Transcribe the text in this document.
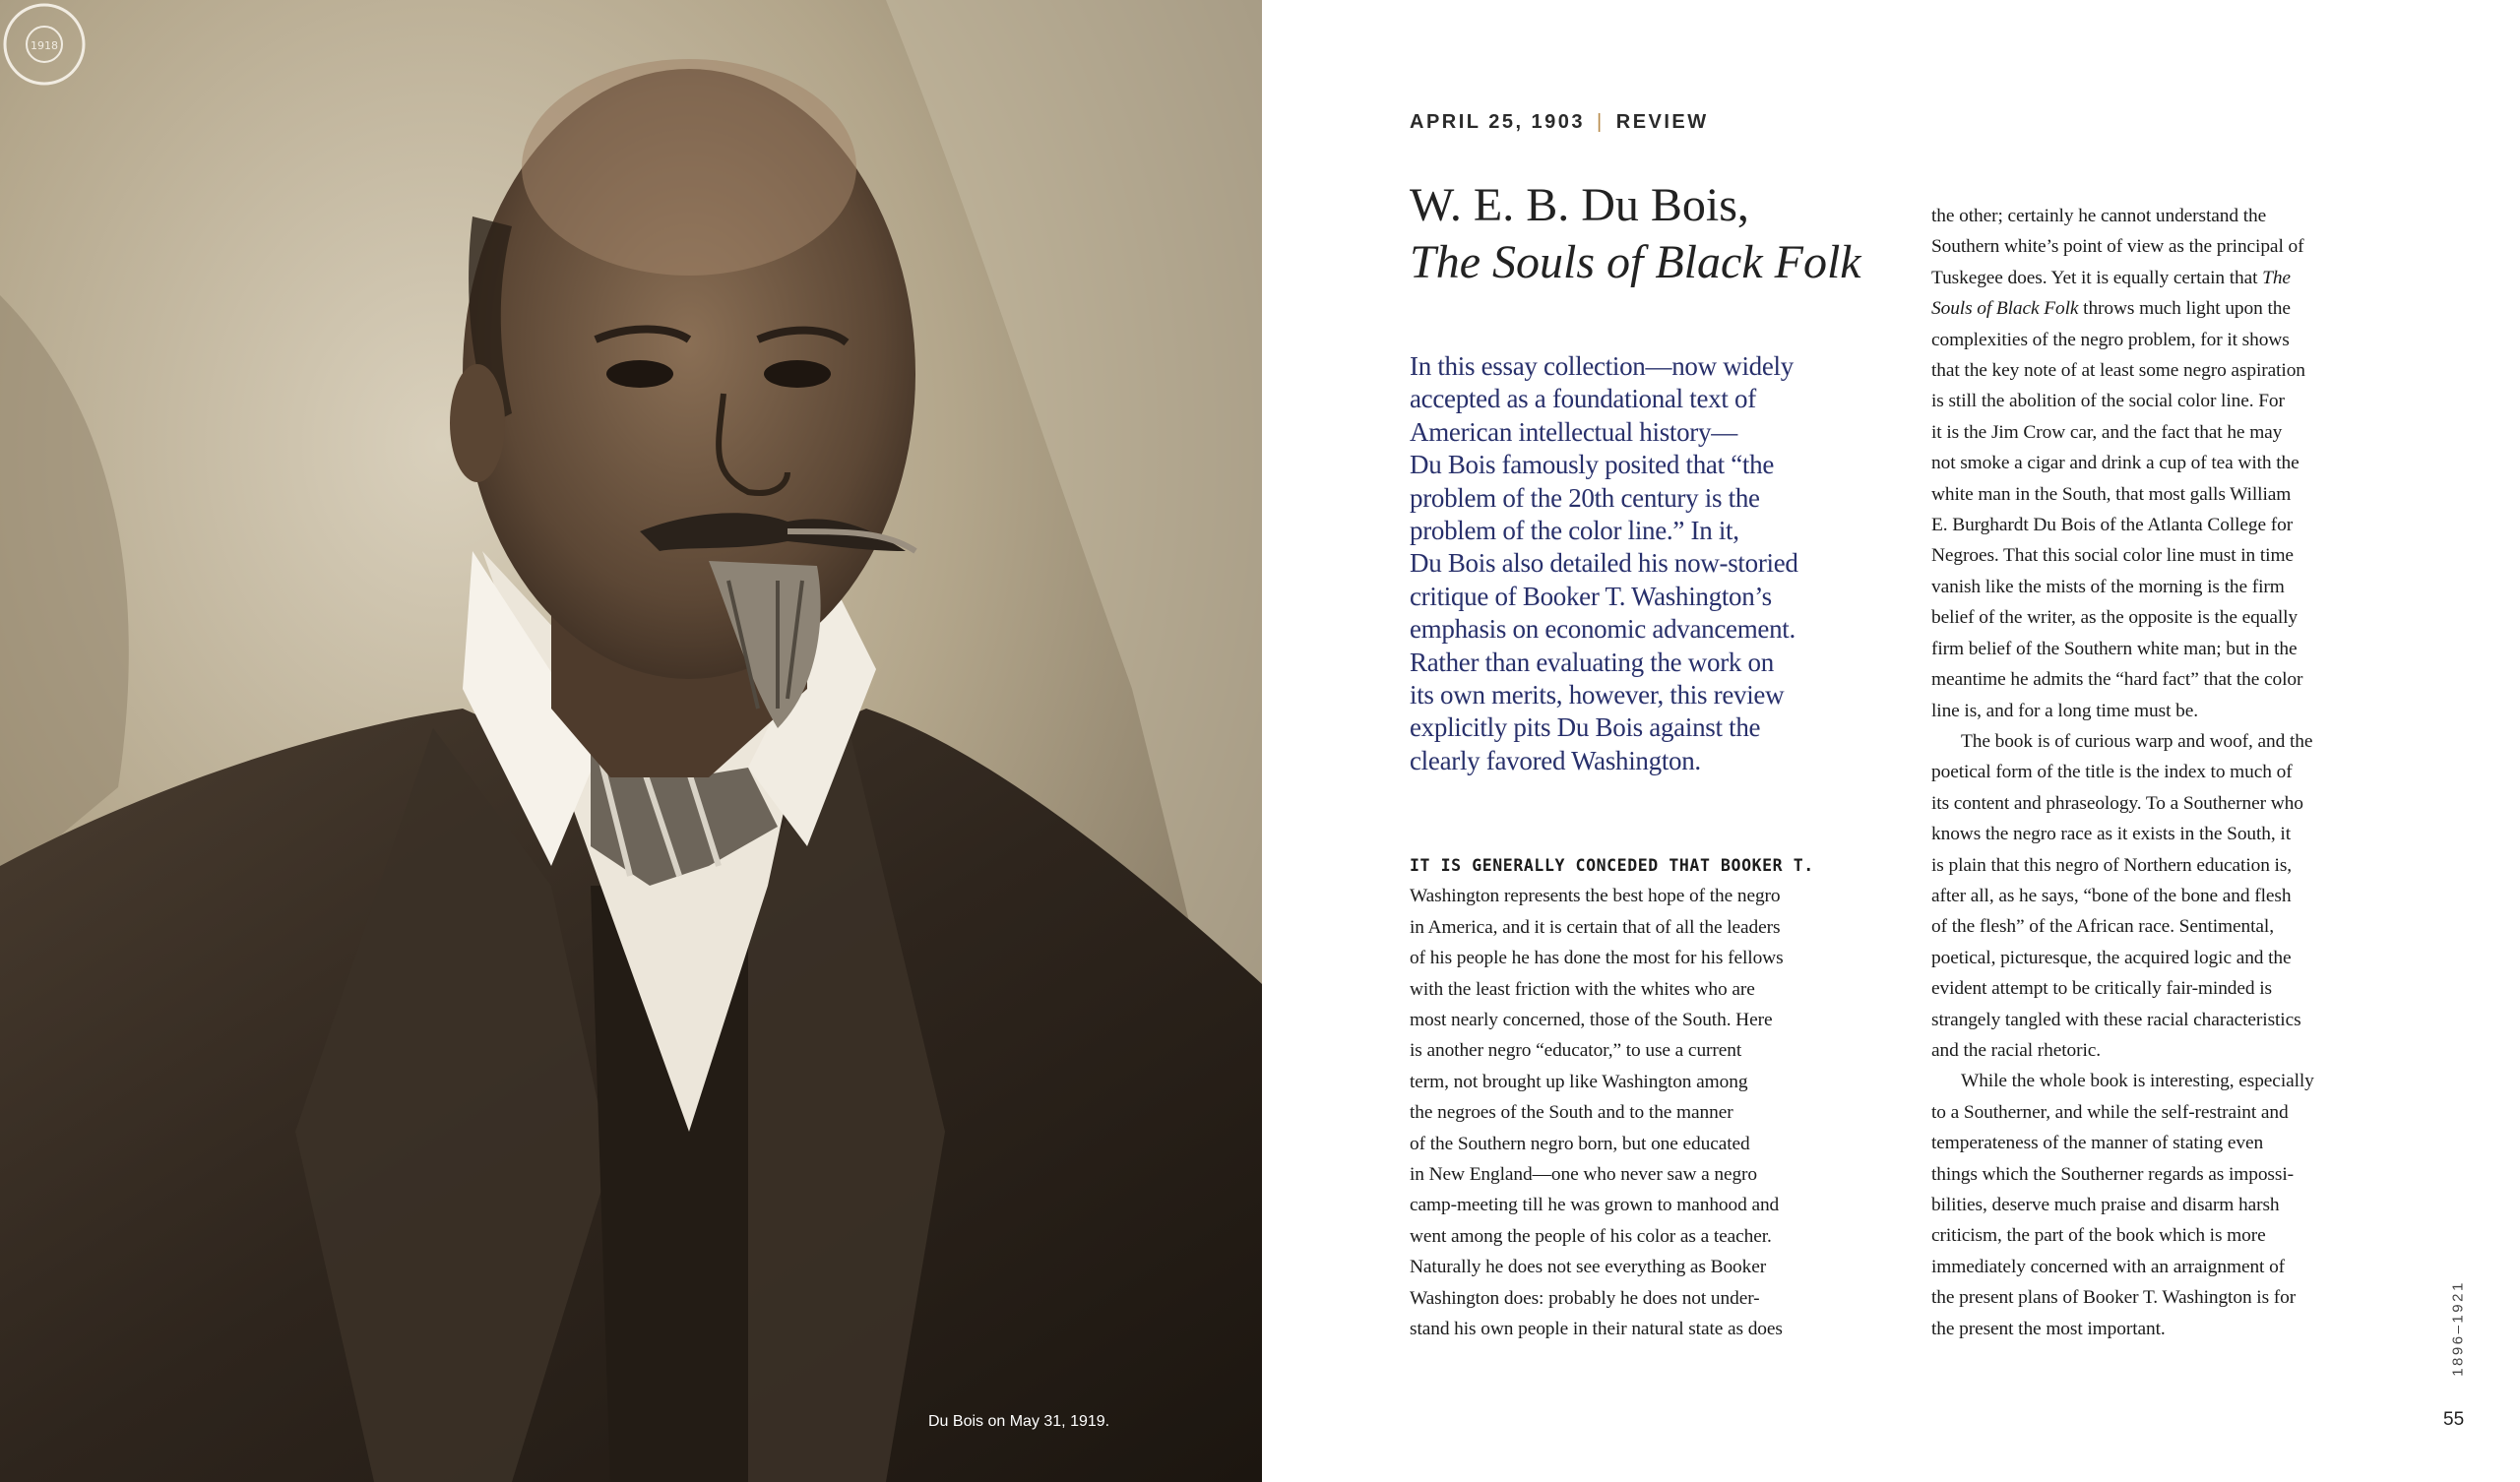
1918
Du Bois on May 31, 1919.
APRIL 25, 1903 | REVIEW
W. E. B. Du Bois,
The Souls of Black Folk

In this essay collection—now widely

accepted as a foundational text of

American intellectual history—

Du Bois famously posited that “the

problem of the 20th century is the

problem of the color line.” In it,

Du Bois also detailed his now-storied

critique of Booker T. Washington’s

emphasis on economic advancement.

Rather than evaluating the work on

its own merits, however, this review

explicitly pits Du Bois against the

clearly favored Washington.

IT IS GENERALLY CONCEDED THAT BOOKER T.
Washington represents the best hope of the negro
in America, and it is certain that of all the leaders
of his people he has done the most for his fellows
with the least friction with the whites who are
most nearly concerned, those of the South. Here
is another negro “educator,” to use a current
term, not brought up like Washington among
the negroes of the South and to the manner
of the Southern negro born, but one educated
in New England—one who never saw a negro
camp-meeting till he was grown to manhood and
went among the people of his color as a teacher.
Naturally he does not see everything as Booker
Washington does: probably he does not under-
stand his own people in their natural state as does
the other; certainly he cannot understand the
Southern white’s point of view as the principal of
Tuskegee does. Yet it is equally certain that The
Souls of Black Folk throws much light upon the
complexities of the negro problem, for it shows
that the key note of at least some negro aspiration
is still the abolition of the social color line. For
it is the Jim Crow car, and the fact that he may
not smoke a cigar and drink a cup of tea with the
white man in the South, that most galls William
E. Burghardt Du Bois of the Atlanta College for
Negroes. That this social color line must in time
vanish like the mists of the morning is the firm
belief of the writer, as the opposite is the equally
firm belief of the Southern white man; but in the
meantime he admits the “hard fact” that the color
line is, and for a long time must be.
The book is of curious warp and woof, and the
poetical form of the title is the index to much of
its content and phraseology. To a Southerner who
knows the negro race as it exists in the South, it
is plain that this negro of Northern education is,
after all, as he says, “bone of the bone and flesh
of the flesh” of the African race. Sentimental,
poetical, picturesque, the acquired logic and the
evident attempt to be critically fair-minded is
strangely tangled with these racial characteristics
and the racial rhetoric.
While the whole book is interesting, especially
to a Southerner, and while the self-restraint and
temperateness of the manner of stating even
things which the Southerner regards as impossi-
bilities, deserve much praise and disarm harsh
criticism, the part of the book which is more
immediately concerned with an arraignment of
the present plans of Booker T. Washington is for
the present the most important.	1896–1921
55
